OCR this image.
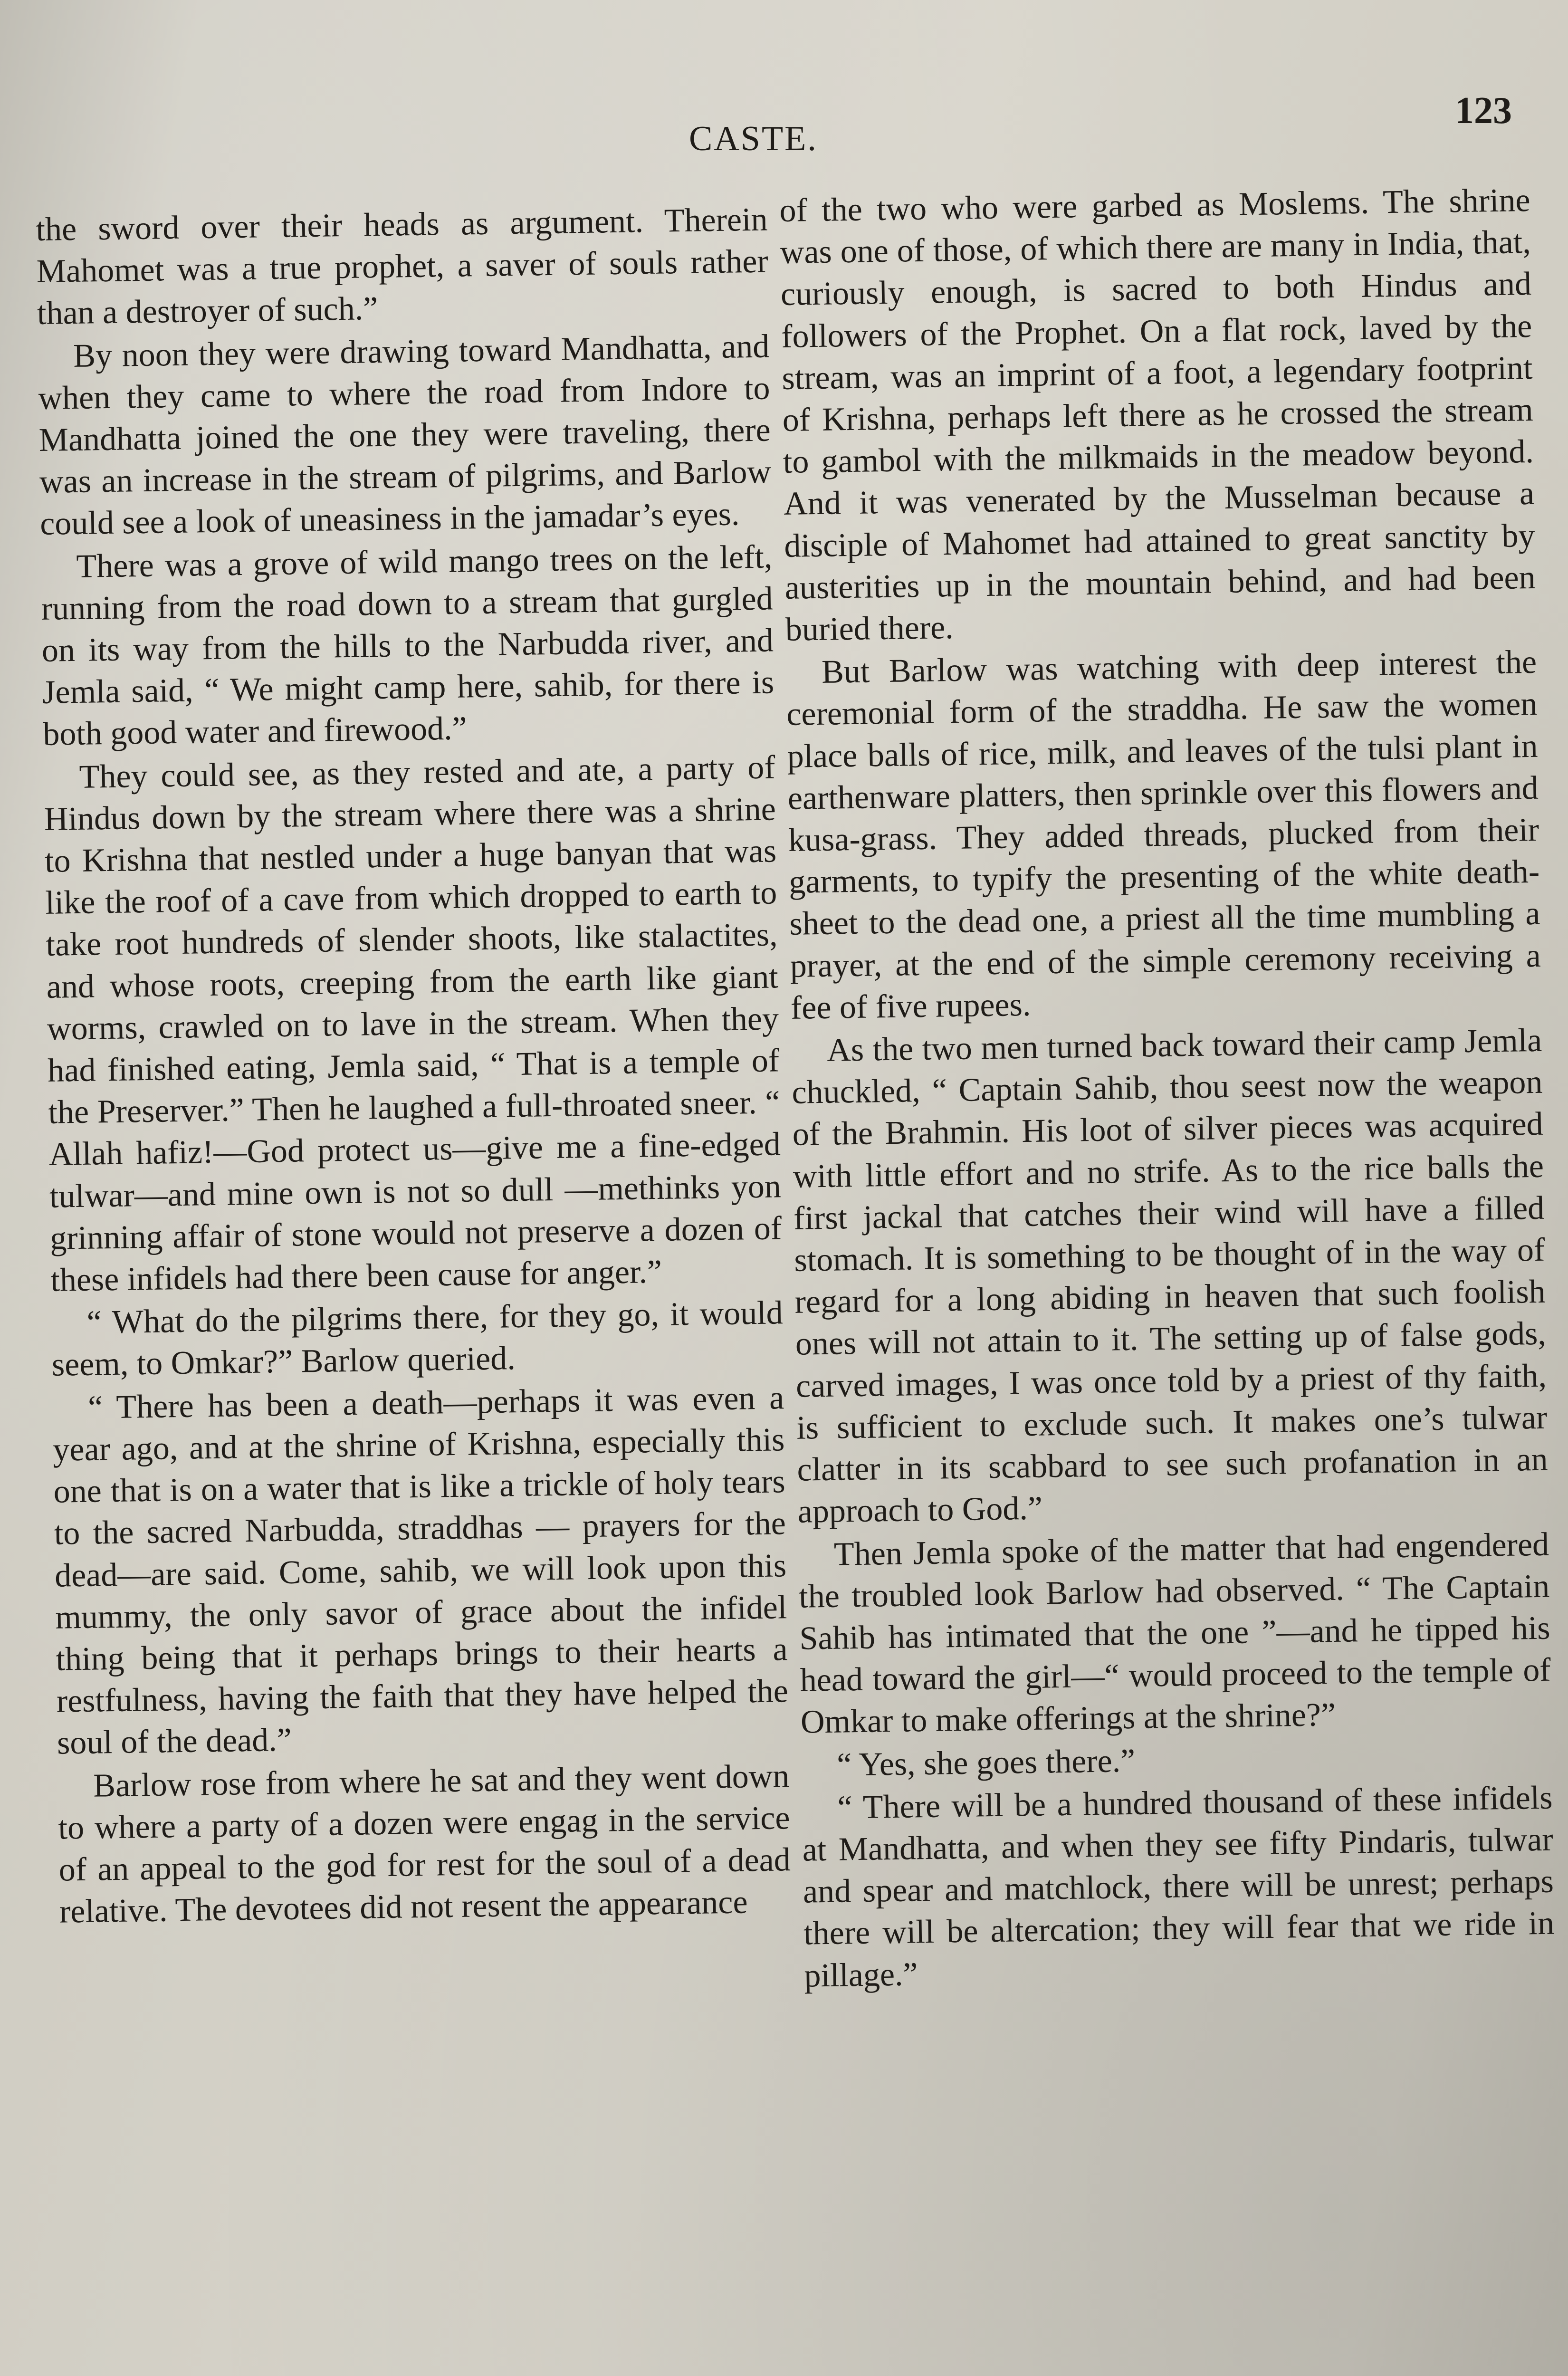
CASTE.
123

the sword over their heads as argument. Therein Mahomet was a true prophet, a saver of souls rather than a destroyer of such.”

By noon they were drawing toward Mandhatta, and when they came to where the road from Indore to Mandhatta joined the one they were traveling, there was an increase in the stream of pilgrims, and Barlow could see a look of uneasiness in the jamadar’s eyes.

There was a grove of wild mango trees on the left, running from the road down to a stream that gurgled on its way from the hills to the Narbudda river, and Jemla said, “ We might camp here, sahib, for there is both good water and firewood.”

They could see, as they rested and ate, a party of Hindus down by the stream where there was a shrine to Krishna that nestled under a huge banyan that was like the roof of a cave from which dropped to earth to take root hundreds of slender shoots, like stalactites, and whose roots, creeping from the earth like giant worms, crawled on to lave in the stream. When they had finished eating, Jemla said, “ That is a temple of the Preserver.” Then he laughed a full-throated sneer. “ Allah hafiz!—God protect us—give me a fine-edged tulwar—and mine own is not so dull —methinks yon grinning affair of stone would not preserve a dozen of these infidels had there been cause for anger.”

“ What do the pilgrims there, for they go, it would seem, to Omkar?” Barlow queried.

“ There has been a death—perhaps it was even a year ago, and at the shrine of Krishna, especially this one that is on a water that is like a trickle of holy tears to the sacred Narbudda, straddhas — prayers for the dead—are said. Come, sahib, we will look upon this mummy, the only savor of grace about the infidel thing being that it perhaps brings to their hearts a restfulness, having the faith that they have helped the soul of the dead.”

Barlow rose from where he sat and they went down to where a party of a dozen were engag in the service of an appeal to the god for rest for the soul of a dead relative. The devotees did not resent the appearance

of the two who were garbed as Moslems. The shrine was one of those, of which there are many in India, that, curiously enough, is sacred to both Hindus and followers of the Prophet. On a flat rock, laved by the stream, was an imprint of a foot, a legendary footprint of Krishna, perhaps left there as he crossed the stream to gambol with the milkmaids in the meadow beyond. And it was venerated by the Musselman because a disciple of Mahomet had attained to great sanctity by austerities up in the mountain behind, and had been buried there.

But Barlow was watching with deep interest the ceremonial form of the straddha. He saw the women place balls of rice, milk, and leaves of the tulsi plant in earthenware platters, then sprinkle over this flowers and kusa-grass. They added threads, plucked from their garments, to typify the presenting of the white death-sheet to the dead one, a priest all the time mumbling a prayer, at the end of the simple ceremony receiving a fee of five rupees.

As the two men turned back toward their camp Jemla chuckled, “ Captain Sahib, thou seest now the weapon of the Brahmin. His loot of silver pieces was acquired with little effort and no strife. As to the rice balls the first jackal that catches their wind will have a filled stomach. It is something to be thought of in the way of regard for a long abiding in heaven that such foolish ones will not attain to it. The setting up of false gods, carved images, I was once told by a priest of thy faith, is sufficient to exclude such. It makes one’s tulwar clatter in its scabbard to see such profanation in an approach to God.”

Then Jemla spoke of the matter that had engendered the troubled look Barlow had observed. “ The Captain Sahib has intimated that the one ”—and he tipped his head toward the girl—“ would proceed to the temple of Omkar to make offerings at the shrine?”

“ Yes, she goes there.”

“ There will be a hundred thousand of these infidels at Mandhatta, and when they see fifty Pindaris, tulwar and spear and matchlock, there will be unrest; perhaps there will be altercation; they will fear that we ride in pillage.”
